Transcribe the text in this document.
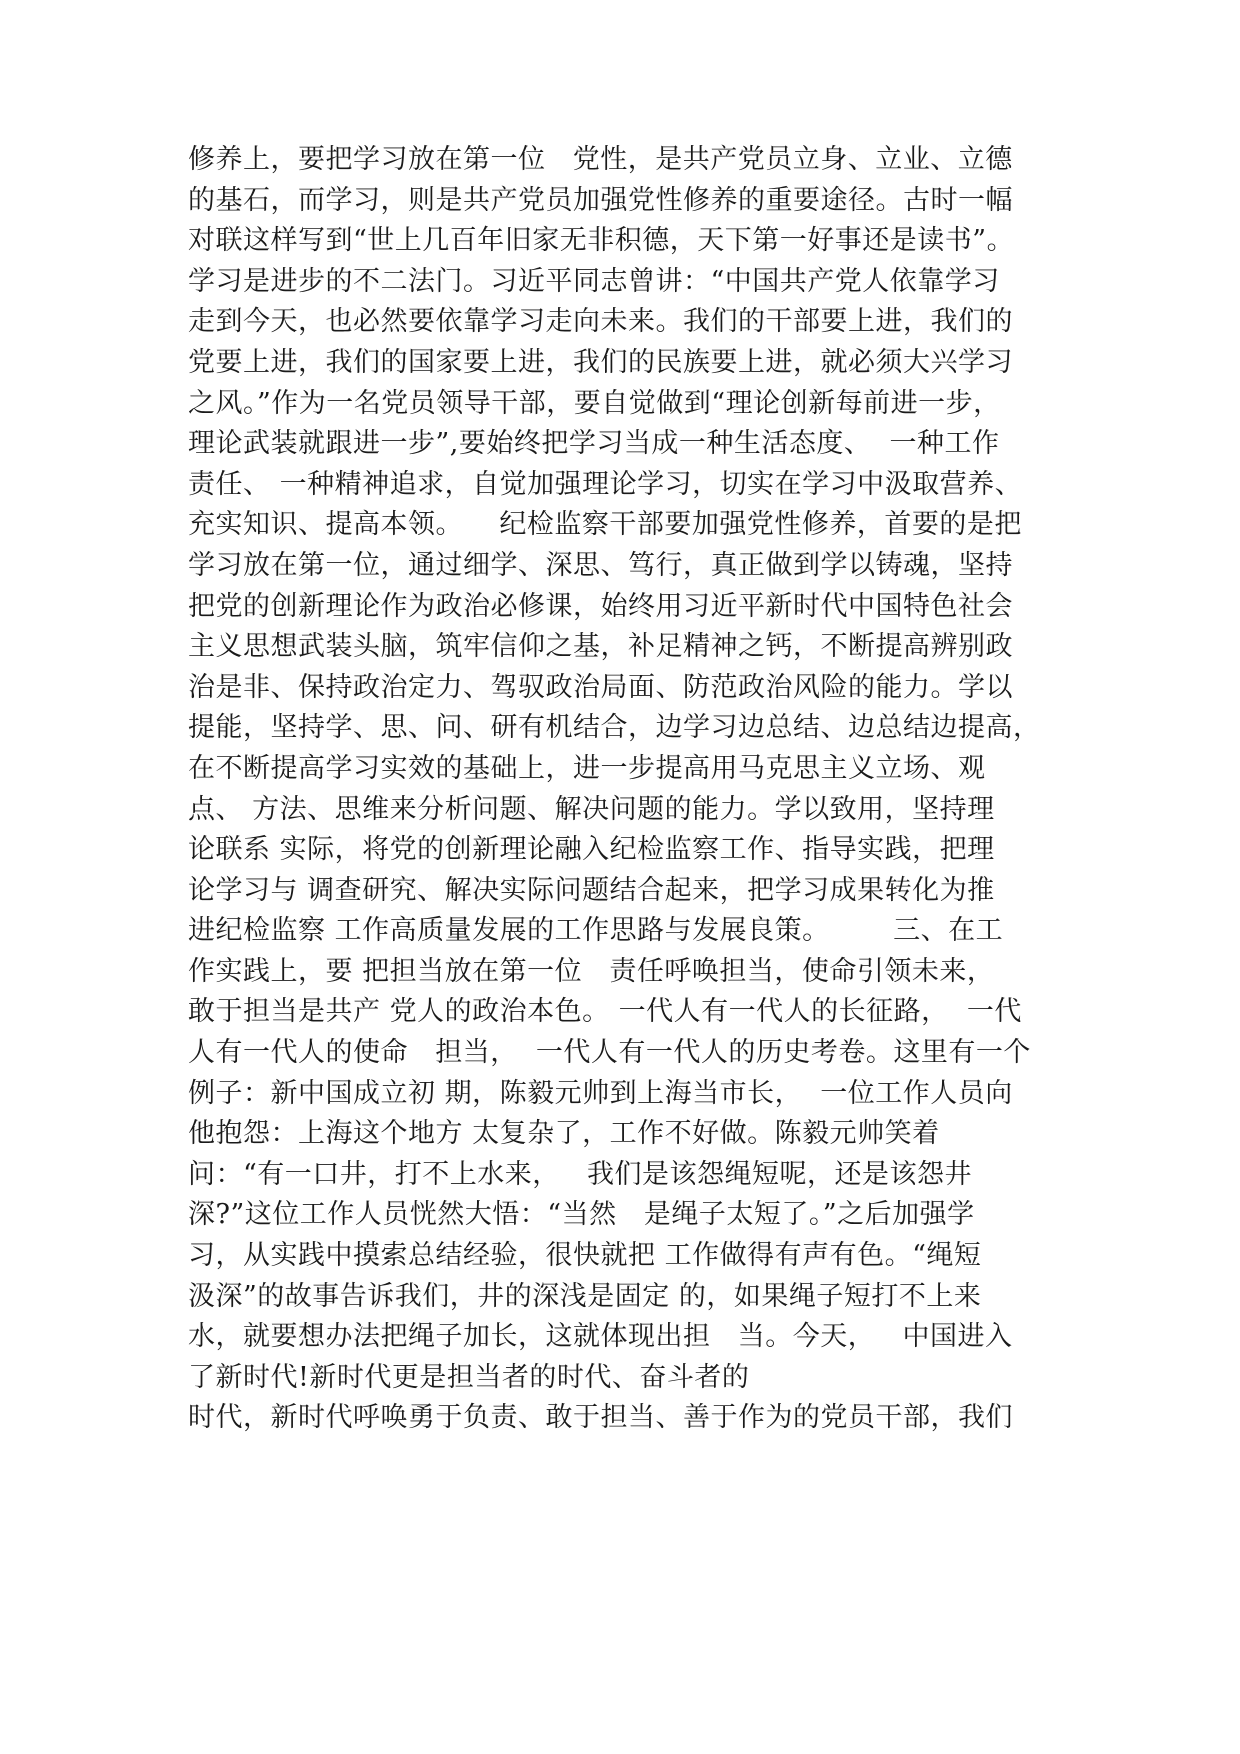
修养上，要把学习放在第一位   党性，是共产党员立身、立业、立德
的基石，而学习，则是共产党员加强党性修养的重要途径。古时一幅
对联这样写到“世上几百年旧家无非积德，天下第一好事还是读书”。
学习是进步的不二法门。习近平同志曾讲：“中国共产党人依靠学习
走到今天，也必然要依靠学习走向未来。我们的干部要上进，我们的
党要上进，我们的国家要上进，我们的民族要上进，就必须大兴学习
之风。”作为一名党员领导干部，要自觉做到“理论创新每前进一步，
理论武装就跟进一步”,要始终把学习当成一种生活态度、  一种工作
责任、 一种精神追求，自觉加强理论学习，切实在学习中汲取营养、
充实知识、提高本领。    纪检监察干部要加强党性修养，首要的是把
学习放在第一位，通过细学、深思、笃行，真正做到学以铸魂，坚持
把党的创新理论作为政治必修课，始终用习近平新时代中国特色社会
主义思想武装头脑，筑牢信仰之基，补足精神之钙，不断提高辨别政
治是非、保持政治定力、驾驭政治局面、防范政治风险的能力。学以
提能，坚持学、思、问、研有机结合，边学习边总结、边总结边提高，
在不断提高学习实效的基础上，进一步提高用马克思主义立场、观
点、 方法、思维来分析问题、解决问题的能力。学以致用，坚持理
论联系 实际，将党的创新理论融入纪检监察工作、指导实践，把理
论学习与 调查研究、解决实际问题结合起来，把学习成果转化为推
进纪检监察 工作高质量发展的工作思路与发展良策。       三、在工
作实践上，要 把担当放在第一位   责任呼唤担当，使命引领未来，
敢于担当是共产 党人的政治本色。 一代人有一代人的长征路，  一代
人有一代人的使命   担当，  一代人有一代人的历史考卷。这里有一个
例子：新中国成立初 期，陈毅元帅到上海当市长，  一位工作人员向
他抱怨：上海这个地方 太复杂了，工作不好做。陈毅元帅笑着
问：“有一口井，打不上水来，   我们是该怨绳短呢，还是该怨井
深?”这位工作人员恍然大悟：“当然   是绳子太短了。”之后加强学
习，从实践中摸索总结经验，很快就把 工作做得有声有色。“绳短
汲深”的故事告诉我们，井的深浅是固定 的，如果绳子短打不上来
水，就要想办法把绳子加长，这就体现出担   当。今天，   中国进入
了新时代!新时代更是担当者的时代、奋斗者的
时代，新时代呼唤勇于负责、敢于担当、善于作为的党员干部，我们
